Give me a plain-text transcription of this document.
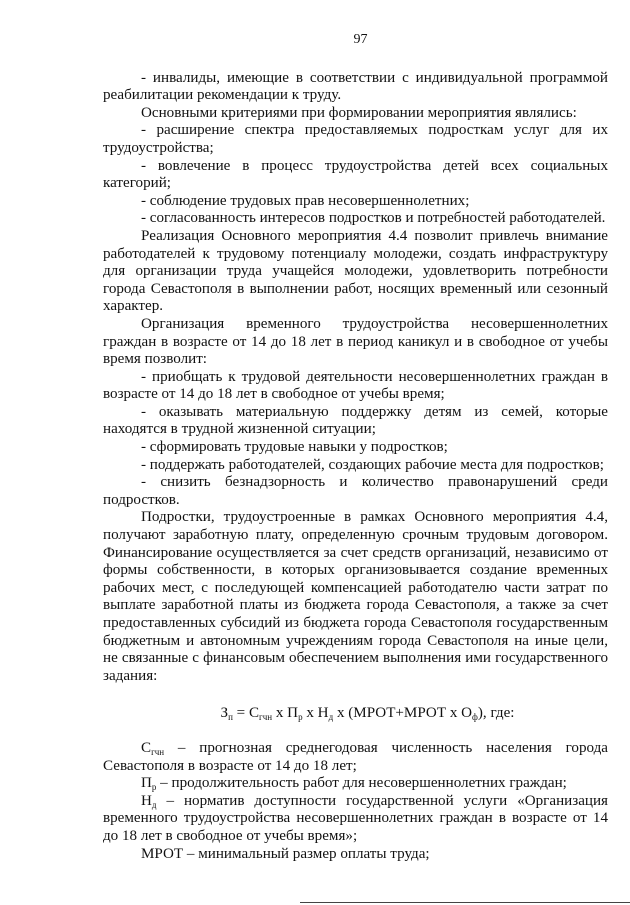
97

- инвалиды, имеющие в соответствии с индивидуальной программой реабилитации рекомендации к труду.

Основными критериями при формировании мероприятия являлись:

- расширение спектра предоставляемых подросткам услуг для их трудоустройства;

- вовлечение в процесс трудоустройства детей всех социальных категорий;

- соблюдение трудовых прав несовершеннолетних;

- согласованность интересов подростков и потребностей работодателей.

Реализация Основного мероприятия 4.4 позволит привлечь внимание работодателей к трудовому потенциалу молодежи, создать инфраструктуру для организации труда учащейся молодежи, удовлетворить потребности города Севастополя в выполнении работ, носящих временный или сезонный характер.

Организация временного трудоустройства несовершеннолетних граждан в возрасте от 14 до 18 лет в период каникул и в свободное от учебы время позволит:

- приобщать к трудовой деятельности несовершеннолетних граждан в возрасте от 14 до 18 лет в свободное от учебы время;

- оказывать материальную поддержку детям из семей, которые находятся в трудной жизненной ситуации;

- сформировать трудовые навыки у подростков;

- поддержать работодателей, создающих рабочие места для подростков;

- снизить безнадзорность и количество правонарушений среди подростков.

Подростки, трудоустроенные в рамках Основного мероприятия 4.4, получают заработную плату, определенную срочным трудовым договором. Финансирование осуществляется за счет средств организаций, независимо от формы собственности, в которых организовывается создание временных рабочих мест, с последующей компенсацией работодателю части затрат по выплате заработной платы из бюджета города Севастополя, а также за счет предоставленных субсидий из бюджета города Севастополя государственным бюджетным и автономным учреждениям города Севастополя на иные цели, не связанные с финансовым обеспечением выполнения ими государственного задания:

$З_п = С_{гчн}$ х $П_р$ х $Н_д$ х (МРОТ+МРОТ х $О_ф$), где:

$С_{гчн}$ – прогнозная среднегодовая численность населения города Севастополя в возрасте от 14 до 18 лет;

$П_р$ – продолжительность работ для несовершеннолетних граждан;

$Н_д$ – норматив доступности государственной услуги «Организация временного трудоустройства несовершеннолетних граждан в возрасте от 14 до 18 лет в свободное от учебы время»;

МРОТ – минимальный размер оплаты труда;
